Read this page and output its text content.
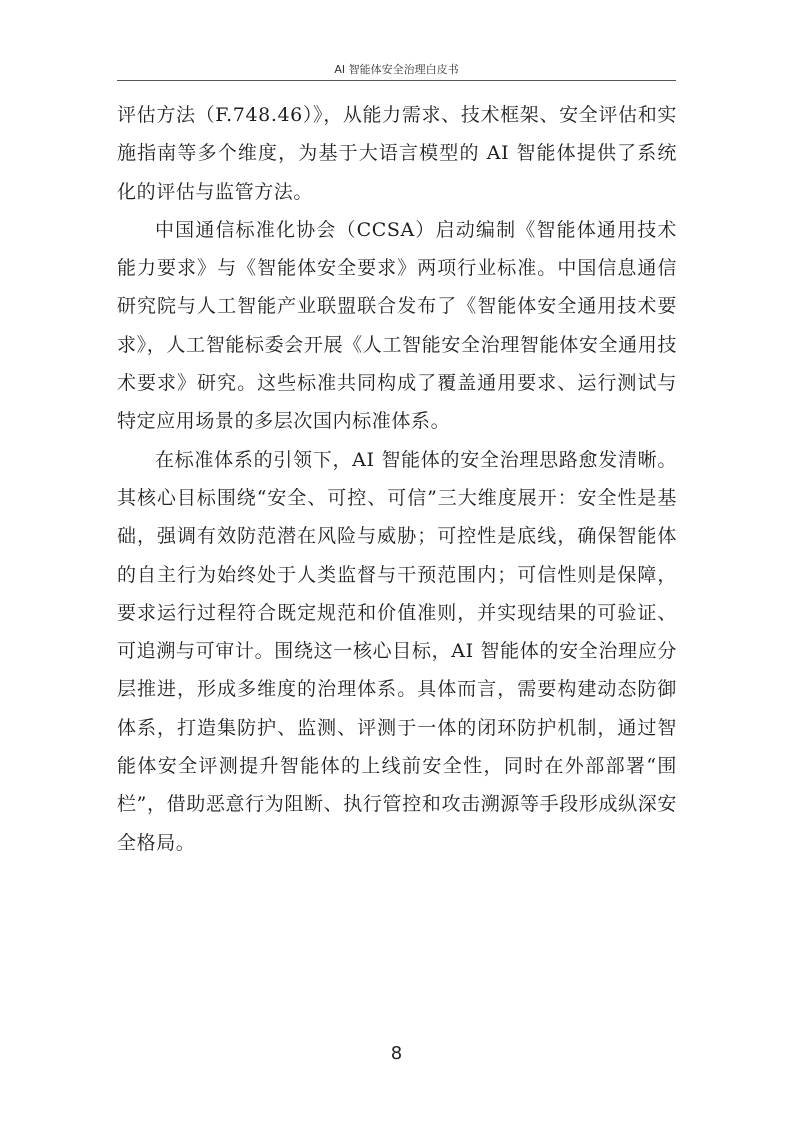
AI 智能体安全治理白皮书

评估方法（F.748.46）》，从能力需求、技术框架、安全评估和实施指南等多个维度，为基于大语言模型的 AI 智能体提供了系统化的评估与监管方法。

中国通信标准化协会（CCSA）启动编制《智能体通用技术能力要求》与《智能体安全要求》两项行业标准。中国信息通信研究院与人工智能产业联盟联合发布了《智能体安全通用技术要求》，人工智能标委会开展《人工智能安全治理智能体安全通用技术要求》研究。这些标准共同构成了覆盖通用要求、运行测试与特定应用场景的多层次国内标准体系。

在标准体系的引领下，AI 智能体的安全治理思路愈发清晰。其核心目标围绕“安全、可控、可信”三大维度展开：安全性是基础，强调有效防范潜在风险与威胁；可控性是底线，确保智能体的自主行为始终处于人类监督与干预范围内；可信性则是保障，要求运行过程符合既定规范和价值准则，并实现结果的可验证、可追溯与可审计。围绕这一核心目标，AI 智能体的安全治理应分层推进，形成多维度的治理体系。具体而言，需要构建动态防御体系，打造集防护、监测、评测于一体的闭环防护机制，通过智能体安全评测提升智能体的上线前安全性，同时在外部部署“围栏”，借助恶意行为阻断、执行管控和攻击溯源等手段形成纵深安全格局。

8
